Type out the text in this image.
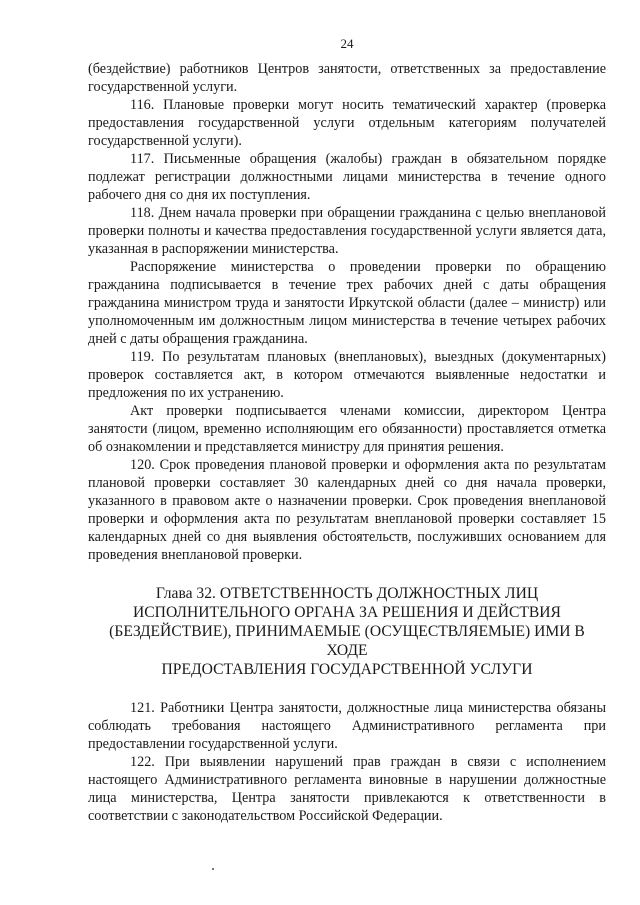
24

(бездействие) работников Центров занятости, ответственных за предоставление государственной услуги.

116. Плановые проверки могут носить тематический характер (проверка предоставления государственной услуги отдельным категориям получателей государственной услуги).

117. Письменные обращения (жалобы) граждан в обязательном порядке подлежат регистрации должностными лицами министерства в течение одного рабочего дня со дня их поступления.

118. Днем начала проверки при обращении гражданина с целью внеплановой проверки полноты и качества предоставления государственной услуги является дата, указанная в распоряжении министерства.

Распоряжение министерства о проведении проверки по обращению гражданина подписывается в течение трех рабочих дней с даты обращения гражданина министром труда и занятости Иркутской области (далее – министр) или уполномоченным им должностным лицом министерства в течение четырех рабочих дней с даты обращения гражданина.

119. По результатам плановых (внеплановых), выездных (документарных) проверок составляется акт, в котором отмечаются выявленные недостатки и предложения по их устранению.

Акт проверки подписывается членами комиссии, директором Центра занятости (лицом, временно исполняющим его обязанности) проставляется отметка об ознакомлении и представляется министру для принятия решения.

120. Срок проведения плановой проверки и оформления акта по результатам плановой проверки составляет 30 календарных дней со дня начала проверки, указанного в правовом акте о назначении проверки. Срок проведения внеплановой проверки и оформления акта по результатам внеплановой проверки составляет 15 календарных дней со дня выявления обстоятельств, послуживших основанием для проведения внеплановой проверки.

Глава 32. ОТВЕТСТВЕННОСТЬ ДОЛЖНОСТНЫХ ЛИЦ
ИСПОЛНИТЕЛЬНОГО ОРГАНА ЗА РЕШЕНИЯ И ДЕЙСТВИЯ
(БЕЗДЕЙСТВИЕ), ПРИНИМАЕМЫЕ (ОСУЩЕСТВЛЯЕМЫЕ) ИМИ В ХОДЕ
ПРЕДОСТАВЛЕНИЯ ГОСУДАРСТВЕННОЙ УСЛУГИ

121. Работники Центра занятости, должностные лица министерства обязаны соблюдать требования настоящего Административного регламента при предоставлении государственной услуги.

122. При выявлении нарушений прав граждан в связи с исполнением настоящего Административного регламента виновные в нарушении должностные лица министерства, Центра занятости привлекаются к ответственности в соответствии с законодательством Российской Федерации.
